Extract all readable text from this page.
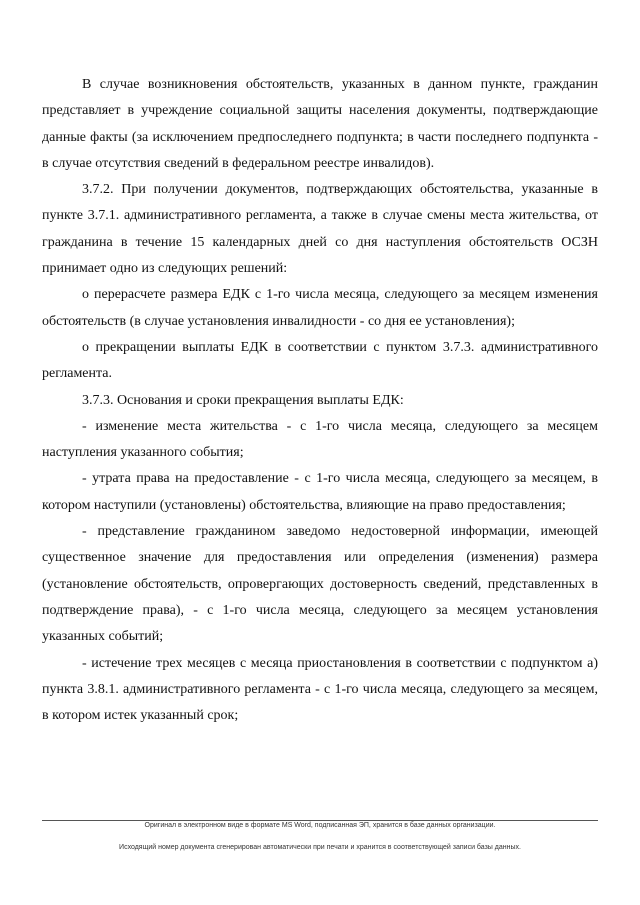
В случае возникновения обстоятельств, указанных в данном пункте, гражданин представляет в учреждение социальной защиты населения документы, подтверждающие данные факты (за исключением предпоследнего подпункта; в части последнего подпункта - в случае отсутствия сведений в федеральном реестре инвалидов).

3.7.2. При получении документов, подтверждающих обстоятельства, указанные в пункте 3.7.1. административного регламента, а также в случае смены места жительства, от гражданина в течение 15 календарных дней со дня наступления обстоятельств ОСЗН принимает одно из следующих решений:

о перерасчете размера ЕДК с 1-го числа месяца, следующего за месяцем изменения обстоятельств (в случае установления инвалидности - со дня ее установления);

о прекращении выплаты ЕДК в соответствии с пунктом 3.7.3. административного регламента.

3.7.3. Основания и сроки прекращения выплаты ЕДК:

- изменение места жительства - с 1-го числа месяца, следующего за месяцем наступления указанного события;

- утрата права на предоставление - с 1-го числа месяца, следующего за месяцем, в котором наступили (установлены) обстоятельства, влияющие на право предоставления;

- представление гражданином заведомо недостоверной информации, имеющей существенное значение для предоставления или определения (изменения) размера (установление обстоятельств, опровергающих достоверность сведений, представленных в подтверждение права), - с 1-го числа месяца, следующего за месяцем установления указанных событий;

- истечение трех месяцев с месяца приостановления в соответствии с подпунктом а) пункта 3.8.1. административного регламента - с 1-го числа месяца, следующего за месяцем, в котором истек указанный срок;

Оригинал в электронном виде в формате MS Word, подписанная ЭП, хранится в базе данных организации.
Исходящий номер документа сгенерирован автоматически при печати и хранится в соответствующей записи базы данных.
